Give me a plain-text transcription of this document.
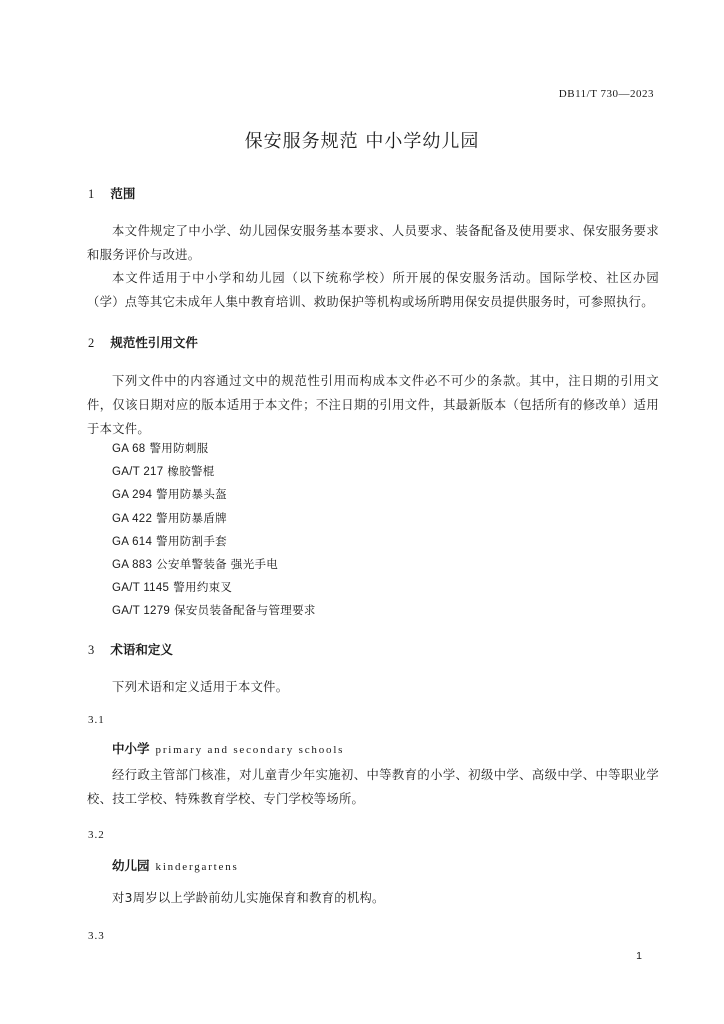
DB11/T 730—2023
保安服务规范 中小学幼儿园
1 范围

本文件规定了中小学、幼儿园保安服务基本要求、人员要求、装备配备及使用要求、保安服务要求和服务评价与改进。

本文件适用于中小学和幼儿园（以下统称学校）所开展的保安服务活动。国际学校、社区办园（学）点等其它未成年人集中教育培训、救助保护等机构或场所聘用保安员提供服务时，可参照执行。

2 规范性引用文件

下列文件中的内容通过文中的规范性引用而构成本文件必不可少的条款。其中，注日期的引用文件，仅该日期对应的版本适用于本文件；不注日期的引用文件，其最新版本（包括所有的修改单）适用于本文件。

GA 68 警用防刺服
GA/T 217 橡胶警棍
GA 294 警用防暴头盔
GA 422 警用防暴盾牌
GA 614 警用防割手套
GA 883 公安单警装备 强光手电
GA/T 1145 警用约束叉
GA/T 1279 保安员装备配备与管理要求
3 术语和定义

下列术语和定义适用于本文件。

3.1
中小学 primary and secondary schools

经行政主管部门核准，对儿童青少年实施初、中等教育的小学、初级中学、高级中学、中等职业学校、技工学校、特殊教育学校、专门学校等场所。

3.2
幼儿园 kindergartens

对3周岁以上学龄前幼儿实施保育和教育的机构。

3.3
1
